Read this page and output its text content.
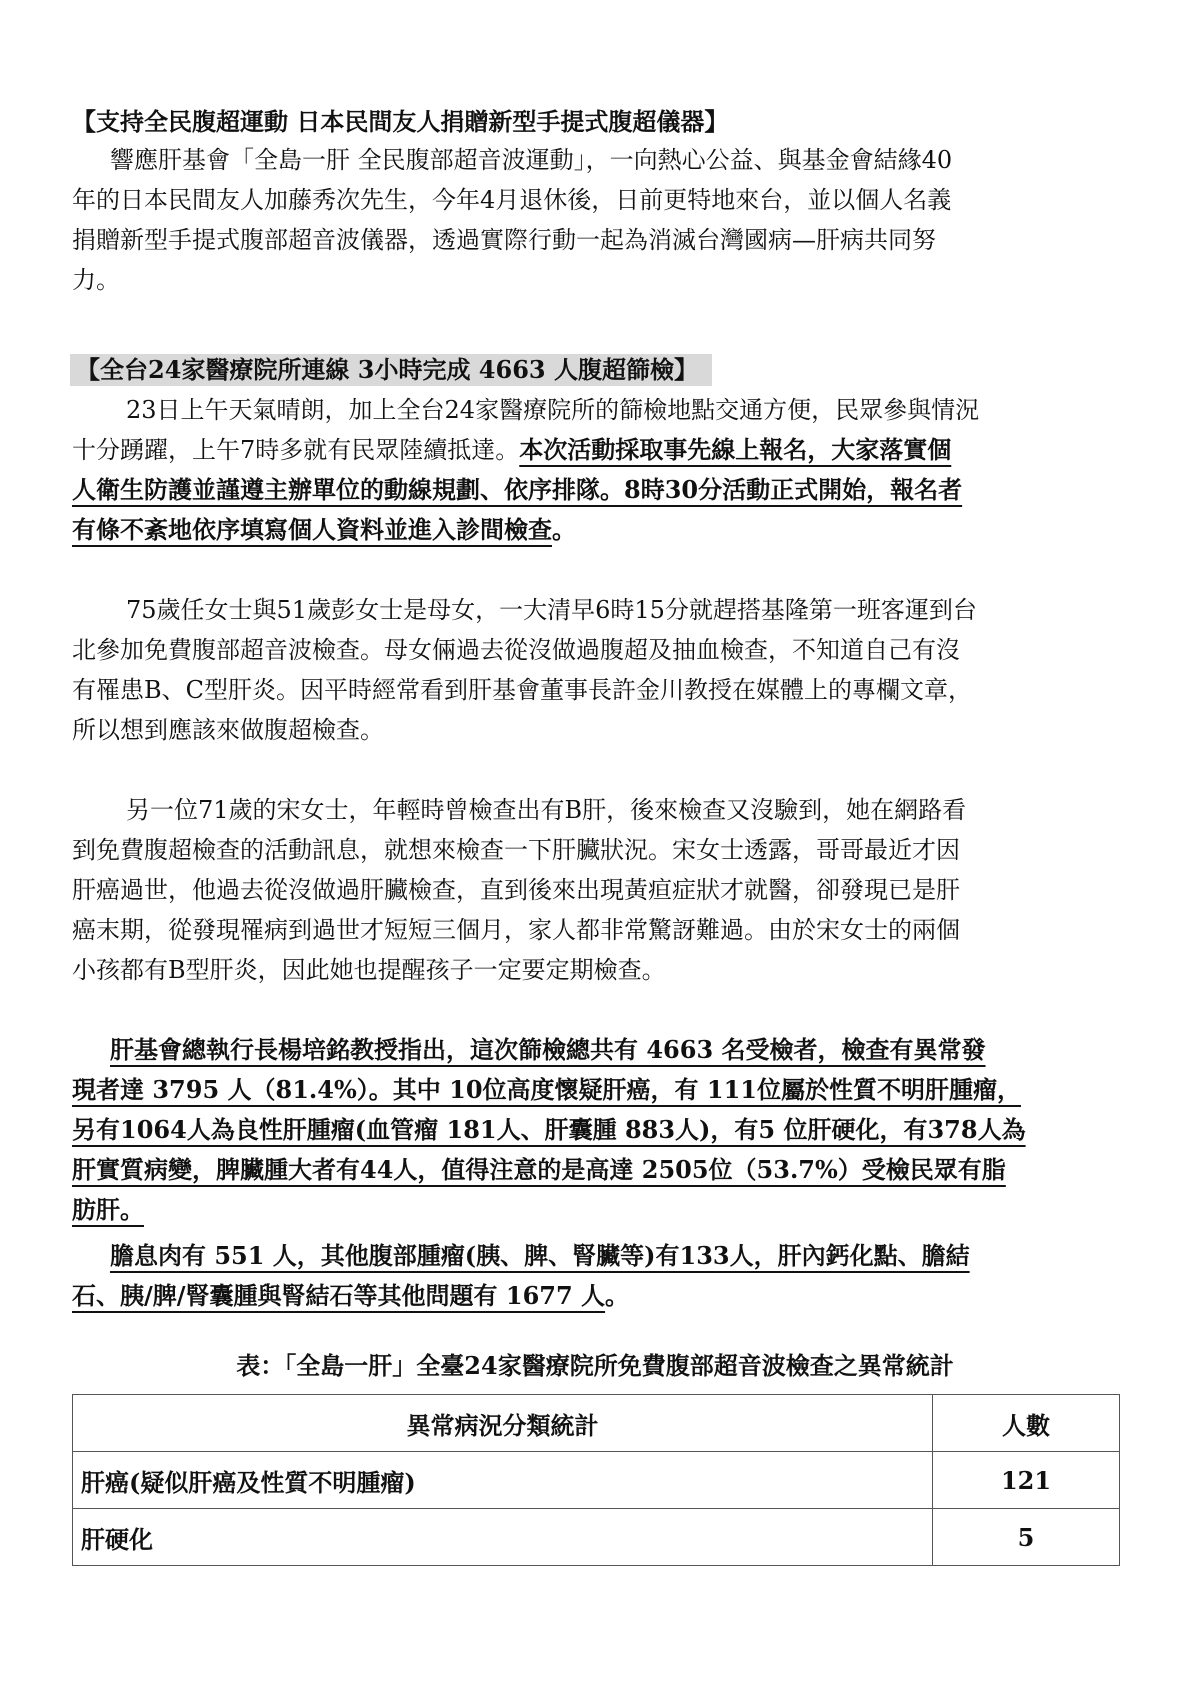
【支持全民腹超運動 日本民間友人捐贈新型手提式腹超儀器】
響應肝基會「全島一肝 全民腹部超音波運動」，一向熱心公益、與基金會結緣40
年的日本民間友人加藤秀次先生，今年4月退休後，日前更特地來台，並以個人名義
捐贈新型手提式腹部超音波儀器，透過實際行動一起為消滅台灣國病—肝病共同努
力。
【全台24家醫療院所連線 3小時完成 4663 人腹超篩檢】
23日上午天氣晴朗，加上全台24家醫療院所的篩檢地點交通方便，民眾參與情況
十分踴躍，上午7時多就有民眾陸續抵達。本次活動採取事先線上報名，大家落實個
人衛生防護並謹遵主辦單位的動線規劃、依序排隊。8時30分活動正式開始，報名者
有條不紊地依序填寫個人資料並進入診間檢查。
75歲任女士與51歲彭女士是母女，一大清早6時15分就趕搭基隆第一班客運到台
北參加免費腹部超音波檢查。母女倆過去從沒做過腹超及抽血檢查，不知道自己有沒
有罹患B、C型肝炎。因平時經常看到肝基會董事長許金川教授在媒體上的專欄文章，
所以想到應該來做腹超檢查。
另一位71歲的宋女士，年輕時曾檢查出有B肝，後來檢查又沒驗到，她在網路看
到免費腹超檢查的活動訊息，就想來檢查一下肝臟狀況。宋女士透露，哥哥最近才因
肝癌過世，他過去從沒做過肝臟檢查，直到後來出現黃疸症狀才就醫，卻發現已是肝
癌末期，從發現罹病到過世才短短三個月，家人都非常驚訝難過。由於宋女士的兩個
小孩都有B型肝炎，因此她也提醒孩子一定要定期檢查。
肝基會總執行長楊培銘教授指出，這次篩檢總共有 4663 名受檢者，檢查有異常發
現者達 3795 人（81.4%）。其中 10位高度懷疑肝癌，有 111位屬於性質不明肝腫瘤，
另有1064人為良性肝腫瘤(血管瘤 181人、肝囊腫 883人)，有5 位肝硬化，有378人為
肝實質病變，脾臟腫大者有44人，值得注意的是高達 2505位（53.7%）受檢民眾有脂
肪肝。
膽息肉有 551 人，其他腹部腫瘤(胰、脾、腎臟等)有133人，肝內鈣化點、膽結
石、胰/脾/腎囊腫與腎結石等其他問題有 1677 人。
表：「全島一肝」全臺24家醫療院所免費腹部超音波檢查之異常統計
異常病況分類統計	人數
肝癌(疑似肝癌及性質不明腫瘤)	121
肝硬化	5
